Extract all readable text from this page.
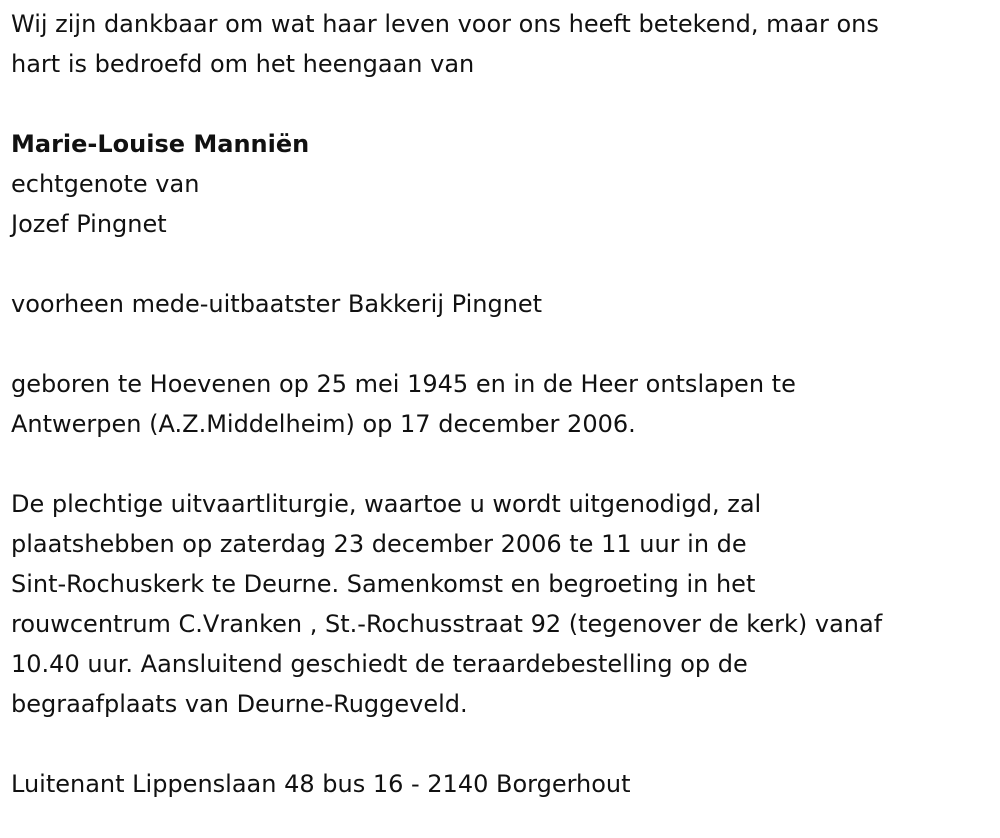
Wij zijn dankbaar om wat haar leven voor ons heeft betekend, maar ons

hart is bedroefd om het heengaan van

Marie-Louise Manniën

echtgenote van

Jozef Pingnet

voorheen mede-uitbaatster Bakkerij Pingnet

geboren te Hoevenen op 25 mei 1945 en in de Heer ontslapen te

Antwerpen (A.Z.Middelheim) op 17 december 2006.

De plechtige uitvaartliturgie, waartoe u wordt uitgenodigd, zal

plaatshebben op zaterdag 23 december 2006 te 11 uur in de

Sint-Rochuskerk te Deurne. Samenkomst en begroeting in het

rouwcentrum C.Vranken , St.-Rochusstraat 92 (tegenover de kerk) vanaf

10.40 uur. Aansluitend geschiedt de teraardebestelling op de

begraafplaats van Deurne-Ruggeveld.

Luitenant Lippenslaan 48 bus 16 - 2140 Borgerhout
